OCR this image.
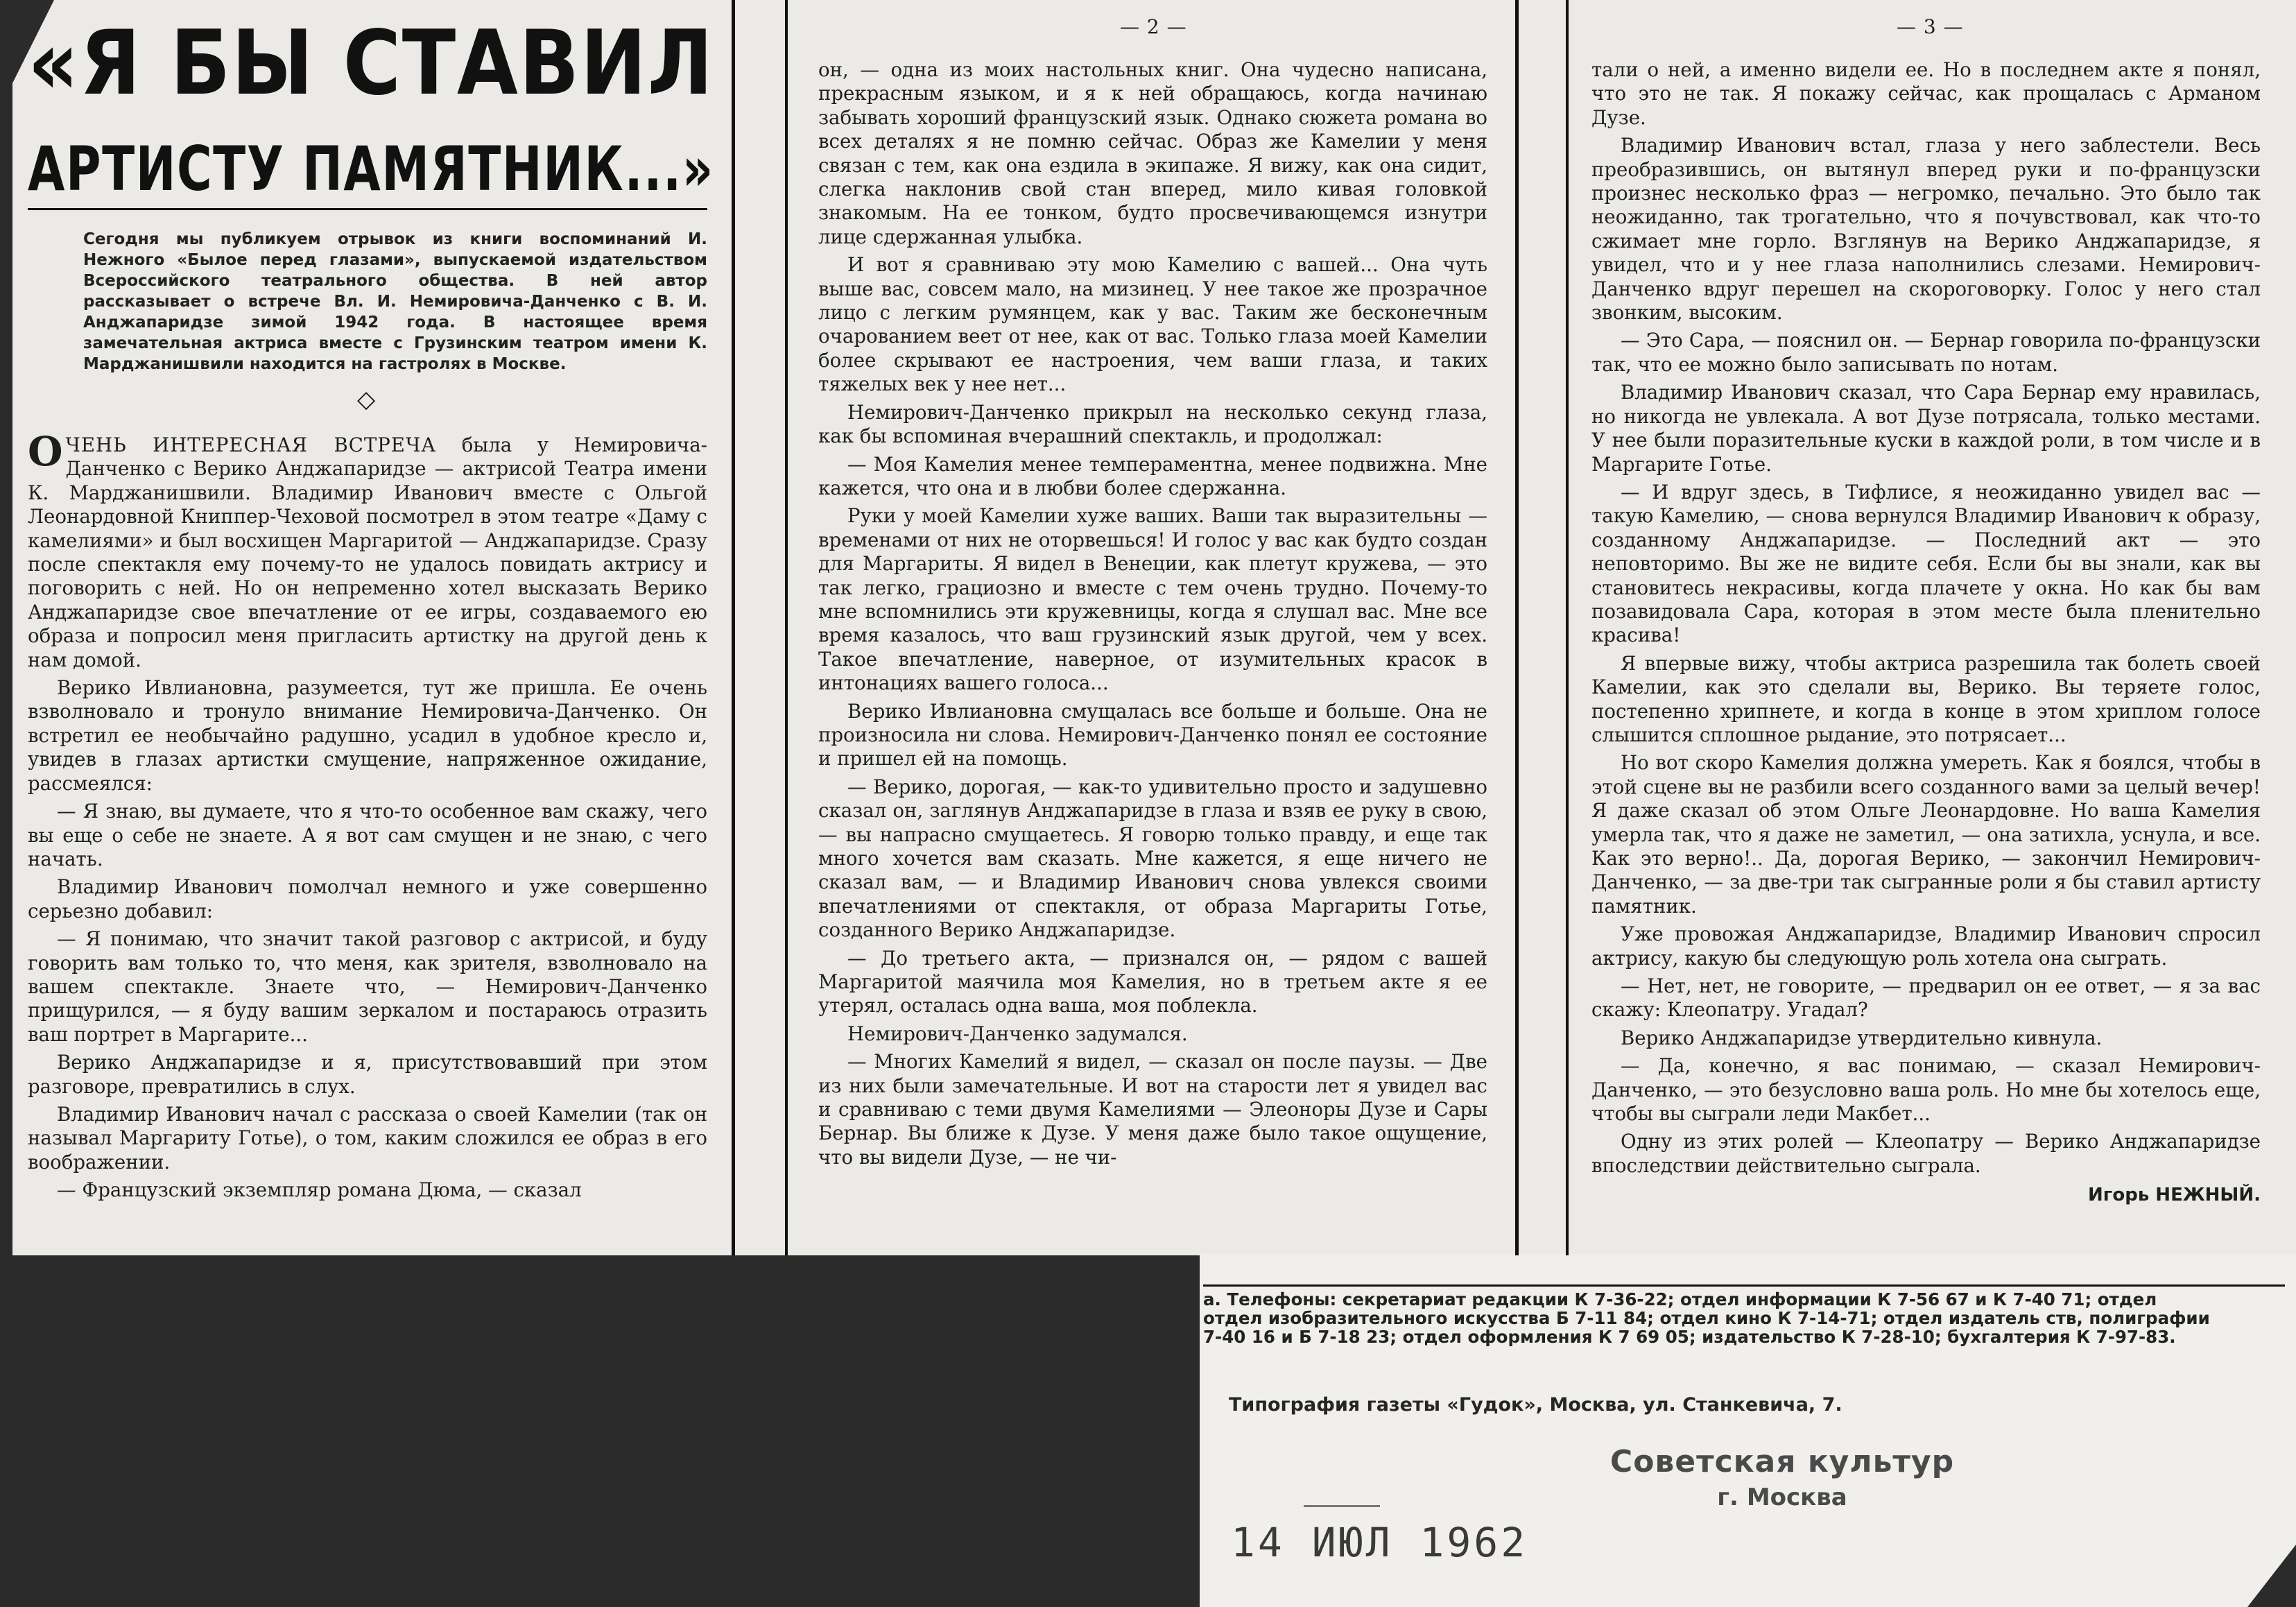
«Я БЫ СТАВИЛ
АРТИСТУ ПАМЯТНИК...»
Сегодня мы публикуем отрывок из книги воспоминаний И. Нежного «Былое перед глазами», выпускаемой издательством Всероссийского театрального общества. В ней автор рассказывает о встрече Вл. И. Немировича-Данченко с В. И. Анджапаридзе зимой 1942 года. В настоящее время замечательная актриса вместе с Грузинским театром имени К. Марджанишвили находится на гастролях в Москве.
◇
— 2 —	— 3 —

ОЧЕНЬ ИНТЕРЕСНАЯ ВСТРЕЧА была у Немировича-Данченко с Верико Анджапаридзе — актрисой Театра имени К. Марджанишвили. Владимир Иванович вместе с Ольгой Леонардовной Книппер-Чеховой посмотрел в этом театре «Даму с камелиями» и был восхищен Маргаритой — Анджапаридзе. Сразу после спектакля ему почему-то не удалось повидать актрису и поговорить с ней. Но он непременно хотел высказать Верико Анджапаридзе свое впечатление от ее игры, создаваемого ею образа и попросил меня пригласить артистку на другой день к нам домой.

Верико Ивлиановна, разумеется, тут же пришла. Ее очень взволновало и тронуло внимание Немировича-Данченко. Он встретил ее необычайно радушно, усадил в удобное кресло и, увидев в глазах артистки смущение, напряженное ожидание, рассмеялся:

— Я знаю, вы думаете, что я что-то особенное вам скажу, чего вы еще о себе не знаете. А я вот сам смущен и не знаю, с чего начать.

Владимир Иванович помолчал немного и уже совершенно серьезно добавил:

— Я понимаю, что значит такой разговор с актрисой, и буду говорить вам только то, что меня, как зрителя, взволновало на вашем спектакле. Знаете что, — Немирович-Данченко прищурился, — я буду вашим зеркалом и постараюсь отразить ваш портрет в Маргарите...

Верико Анджапаридзе и я, присутствовавший при этом разговоре, превратились в слух.

Владимир Иванович начал с рассказа о своей Камелии (так он называл Маргариту Готье), о том, каким сложился ее образ в его воображении.

— Французский экземпляр романа Дюма, — сказал

он, — одна из моих настольных книг. Она чудесно написана, прекрасным языком, и я к ней обращаюсь, когда начинаю забывать хороший французский язык. Однако сюжета романа во всех деталях я не помню сейчас. Образ же Камелии у меня связан с тем, как она ездила в экипаже. Я вижу, как она сидит, слегка наклонив свой стан вперед, мило кивая головкой знакомым. На ее тонком, будто просвечивающемся изнутри лице сдержанная улыбка.

И вот я сравниваю эту мою Камелию с вашей... Она чуть выше вас, совсем мало, на мизинец. У нее такое же прозрачное лицо с легким румянцем, как у вас. Таким же бесконечным очарованием веет от нее, как от вас. Только глаза моей Камелии более скрывают ее настроения, чем ваши глаза, и таких тяжелых век у нее нет...

Немирович-Данченко прикрыл на несколько секунд глаза, как бы вспоминая вчерашний спектакль, и продолжал:

— Моя Камелия менее темпераментна, менее подвижна. Мне кажется, что она и в любви более сдержанна.

Руки у моей Камелии хуже ваших. Ваши так выразительны — временами от них не оторвешься! И голос у вас как будто создан для Маргариты. Я видел в Венеции, как плетут кружева, — это так легко, грациозно и вместе с тем очень трудно. Почему-то мне вспомнились эти кружевницы, когда я слушал вас. Мне все время казалось, что ваш грузинский язык другой, чем у всех. Такое впечатление, наверное, от изумительных красок в интонациях вашего голоса...

Верико Ивлиановна смущалась все больше и больше. Она не произносила ни слова. Немирович-Данченко понял ее состояние и пришел ей на помощь.

— Верико, дорогая, — как-то удивительно просто и задушевно сказал он, заглянув Анджапаридзе в глаза и взяв ее руку в свою, — вы напрасно смущаетесь. Я говорю только правду, и еще так много хочется вам сказать. Мне кажется, я еще ничего не сказал вам, — и Владимир Иванович снова увлекся своими впечатлениями от спектакля, от образа Маргариты Готье, созданного Верико Анджапаридзе.

— До третьего акта, — признался он, — рядом с вашей Маргаритой маячила моя Камелия, но в третьем акте я ее утерял, осталась одна ваша, моя поблекла.

Немирович-Данченко задумался.

— Многих Камелий я видел, — сказал он после паузы. — Две из них были замечательные. И вот на старости лет я увидел вас и сравниваю с теми двумя Камелиями — Элеоноры Дузе и Сары Бернар. Вы ближе к Дузе. У меня даже было такое ощущение, что вы видели Дузе, — не чи-

тали о ней, а именно видели ее. Но в последнем акте я понял, что это не так. Я покажу сейчас, как прощалась с Арманом Дузе.

Владимир Иванович встал, глаза у него заблестели. Весь преобразившись, он вытянул вперед руки и по-французски произнес несколько фраз — негромко, печально. Это было так неожиданно, так трогательно, что я почувствовал, как что-то сжимает мне горло. Взглянув на Верико Анджапаридзе, я увидел, что и у нее глаза наполнились слезами. Немирович-Данченко вдруг перешел на скороговорку. Голос у него стал звонким, высоким.

— Это Сара, — пояснил он. — Бернар говорила по-французски так, что ее можно было записывать по нотам.

Владимир Иванович сказал, что Сара Бернар ему нравилась, но никогда не увлекала. А вот Дузе потрясала, только местами. У нее были поразительные куски в каждой роли, в том числе и в Маргарите Готье.

— И вдруг здесь, в Тифлисе, я неожиданно увидел вас — такую Камелию, — снова вернулся Владимир Иванович к образу, созданному Анджапаридзе. — Последний акт — это неповторимо. Вы же не видите себя. Если бы вы знали, как вы становитесь некрасивы, когда плачете у окна. Но как бы вам позавидовала Сара, которая в этом месте была пленительно красива!

Я впервые вижу, чтобы актриса разрешила так болеть своей Камелии, как это сделали вы, Верико. Вы теряете голос, постепенно хрипнете, и когда в конце в этом хриплом голосе слышится сплошное рыдание, это потрясает...

Но вот скоро Камелия должна умереть. Как я боялся, чтобы в этой сцене вы не разбили всего созданного вами за целый вечер! Я даже сказал об этом Ольге Леонардовне. Но ваша Камелия умерла так, что я даже не заметил, — она затихла, уснула, и все. Как это верно!.. Да, дорогая Верико, — закончил Немирович-Данченко, — за две-три так сыгранные роли я бы ставил артисту памятник.

Уже провожая Анджапаридзе, Владимир Иванович спросил актрису, какую бы следующую роль хотела она сыграть.

— Нет, нет, не говорите, — предварил он ее ответ, — я за вас скажу: Клеопатру. Угадал?

Верико Анджапаридзе утвердительно кивнула.

— Да, конечно, я вас понимаю, — сказал Немирович-Данченко, — это безусловно ваша роль. Но мне бы хотелось еще, чтобы вы сыграли леди Макбет...

Одну из этих ролей — Клеопатру — Верико Анджапаридзе впоследствии действительно сыграла.

Игорь НЕЖНЫЙ.
а. Телефоны: секретариат редакции К 7-36-22; отдел информации К 7-56 67 и К 7-40 71; отдел
отдел изобразительного искусства Б 7-11 84; отдел кино К 7-14-71; отдел издатель ств, полиграфии
7-40 16 и Б 7-18 23; отдел оформления К 7 69 05; издательство К 7-28-10; бухгалтерия К 7-97-83.
Типография газеты «Гудок», Москва, ул. Станкевича, 7.
Советская культур
г. Москва
14 ИЮЛ 1962
